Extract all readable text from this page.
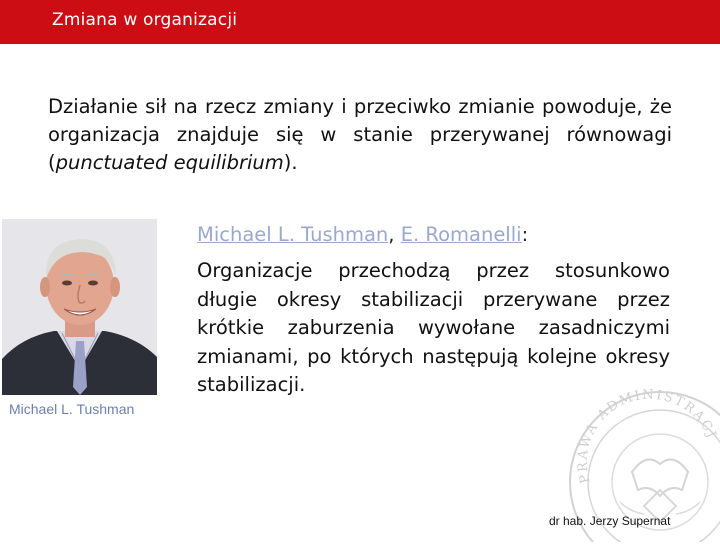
Zmiana w organizacji
Działanie sił na rzecz zmiany i przeciwko zmianie powoduje, że organizacja znajduje się w stanie przerywanej równowagi (punctuated equilibrium).
Michael L. Tushman
Michael L. Tushman, E. Romanelli:
Organizacje przechodzą przez stosunkowo długie okresy stabilizacji przerywane przez krótkie zaburzenia wywołane zasadniczymi zmianami, po których następują kolejne okresy stabilizacji.
PRAWA ADMINISTRACJ
dr hab. Jerzy Supernat
